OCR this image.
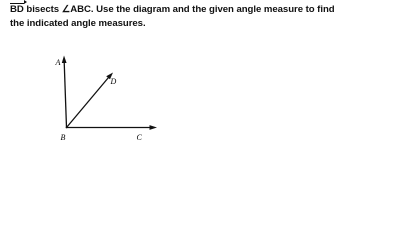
BD bisects ∠ABC. Use the diagram and the given angle measure to find
the indicated angle measures.
A
D
B	C
